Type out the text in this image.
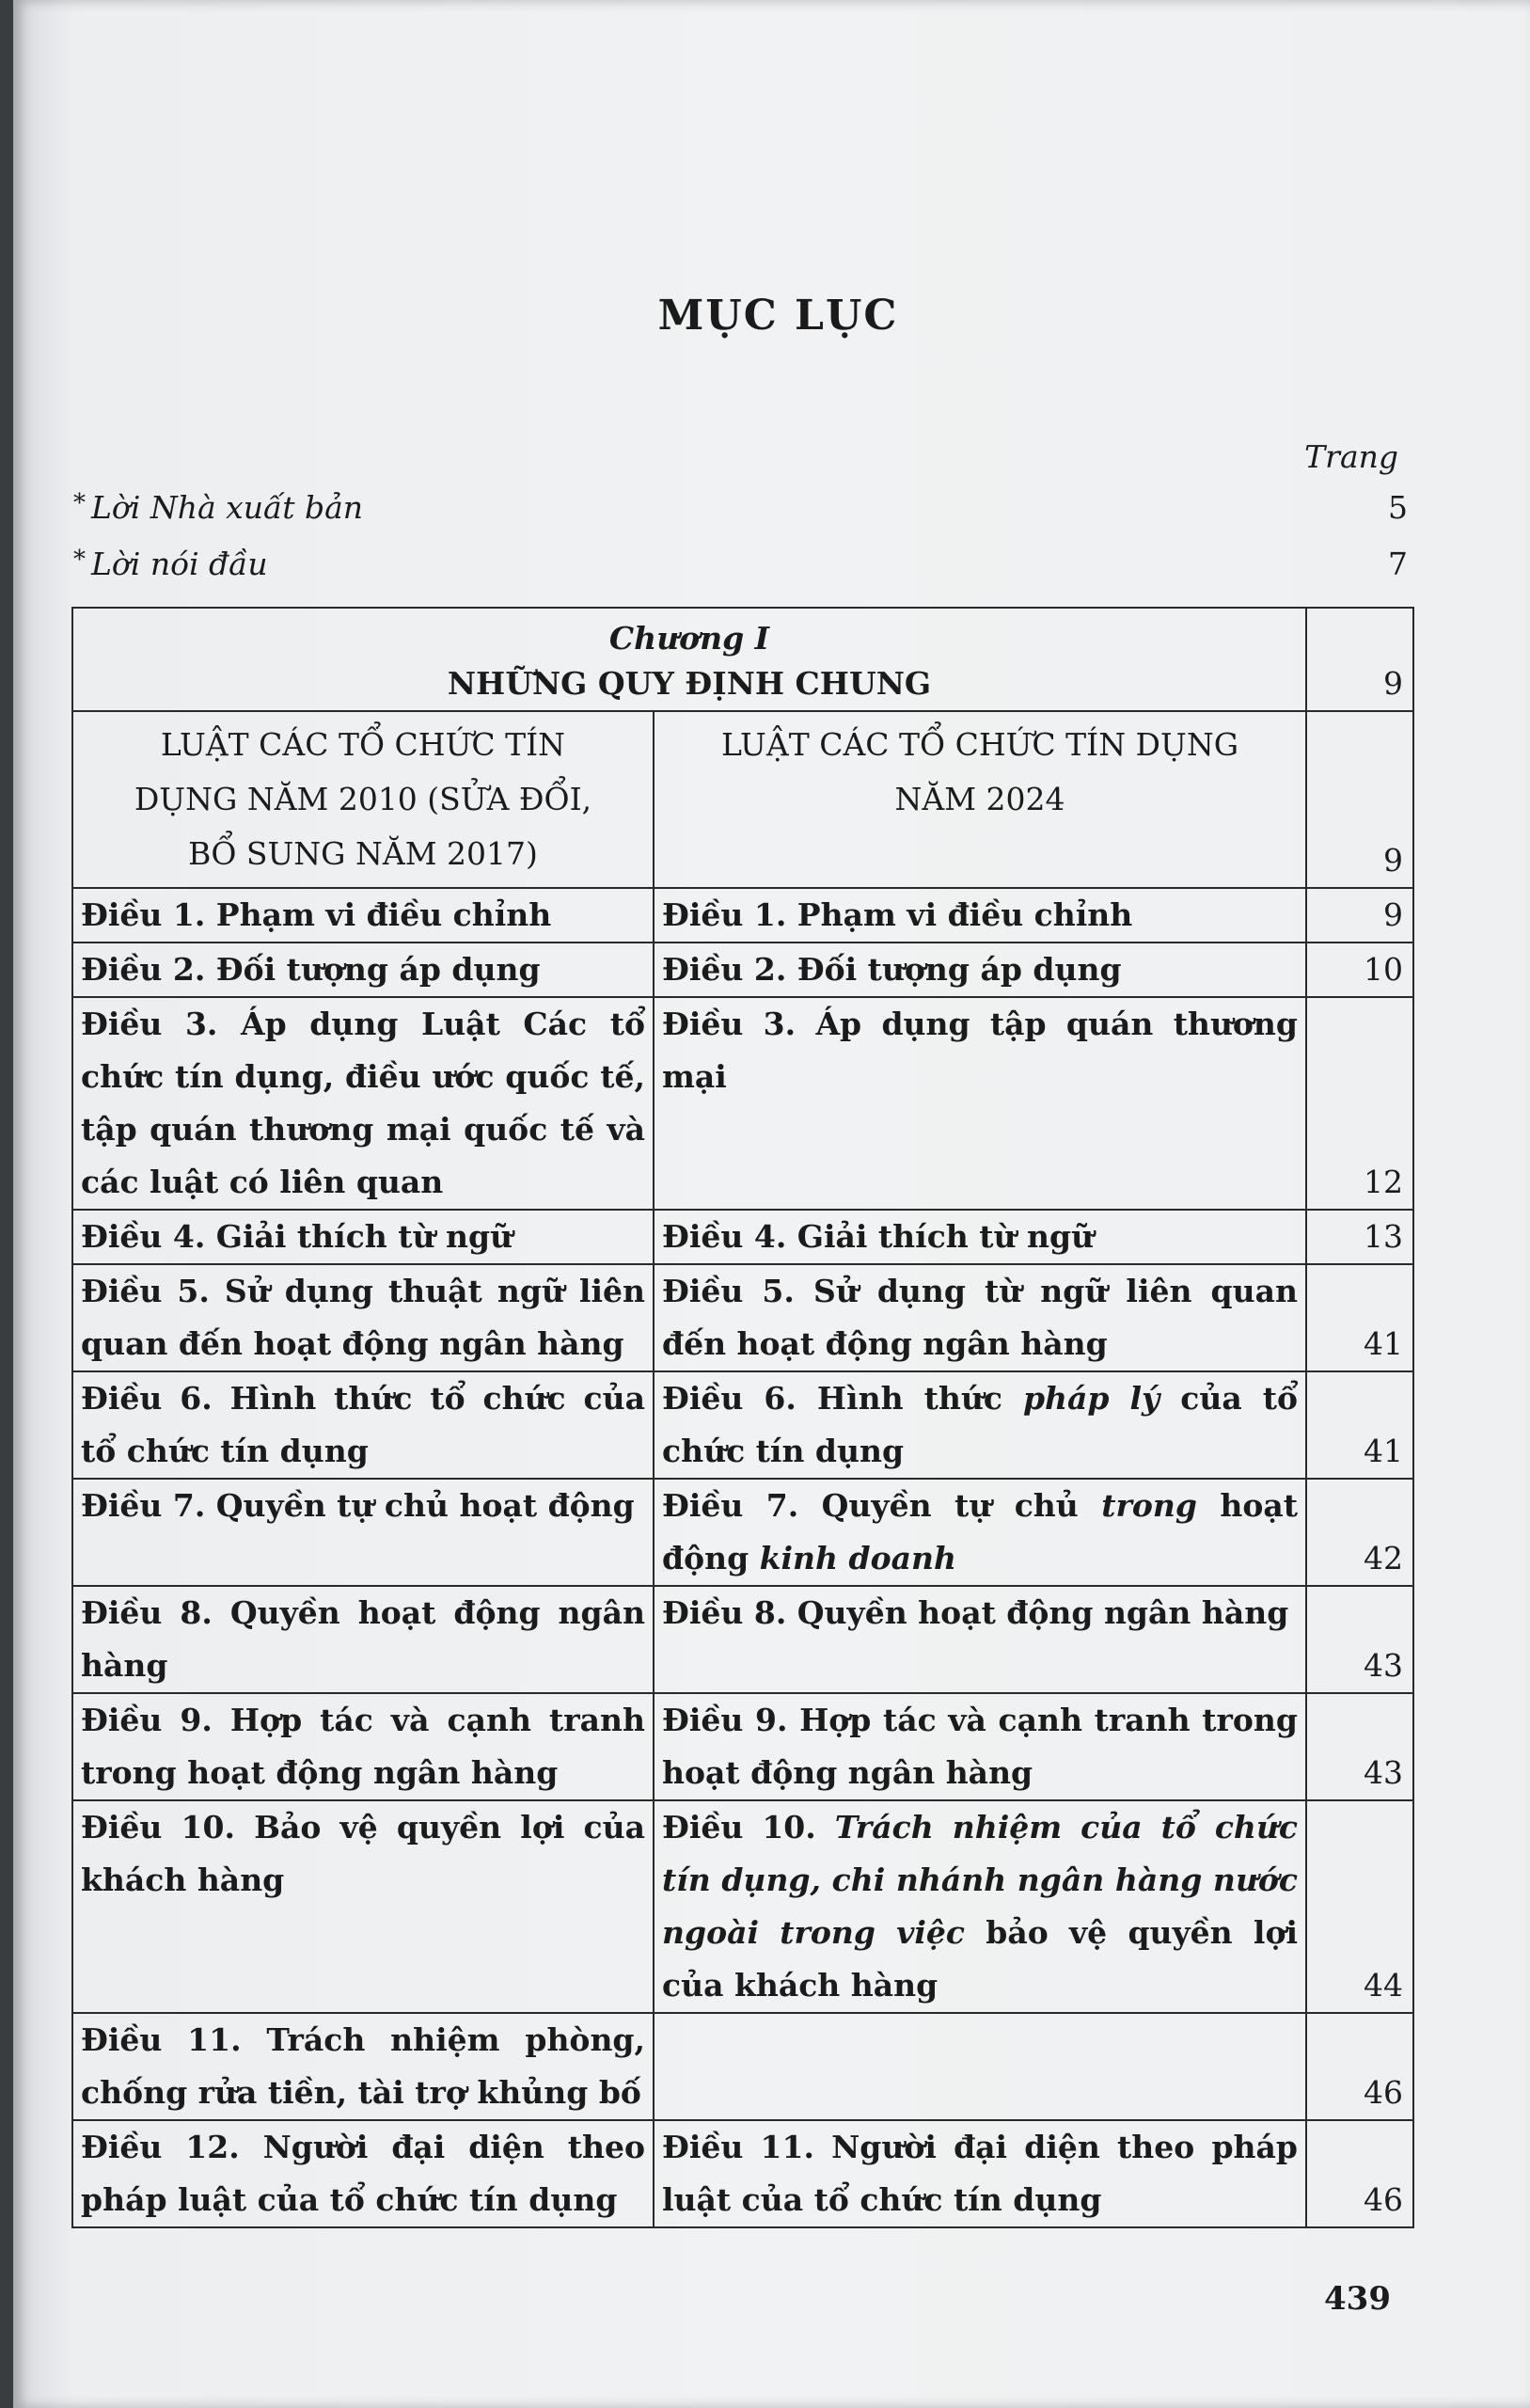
MỤC LỤC
Trang
* Lời Nhà xuất bản	5
* Lời nói đầu	7
Chương I
NHỮNG QUY ĐỊNH CHUNG		9
LUẬT CÁC TỔ CHỨC TÍN DỤNG NĂM 2010 (SỬA ĐỔI, BỔ SUNG NĂM 2017)	LUẬT CÁC TỔ CHỨC TÍN DỤNG NĂM 2024	9
Điều 1. Phạm vi điều chỉnh	Điều 1. Phạm vi điều chỉnh	9
Điều 2. Đối tượng áp dụng	Điều 2. Đối tượng áp dụng	10
Điều 3. Áp dụng Luật Các tổ chức tín dụng, điều ước quốc tế, tập quán thương mại quốc tế và các luật có liên quan	Điều 3. Áp dụng tập quán thương mại	12
Điều 4. Giải thích từ ngữ	Điều 4. Giải thích từ ngữ	13
Điều 5. Sử dụng thuật ngữ liên quan đến hoạt động ngân hàng	Điều 5. Sử dụng từ ngữ liên quan đến hoạt động ngân hàng	41
Điều 6. Hình thức tổ chức của tổ chức tín dụng	Điều 6. Hình thức pháp lý của tổ chức tín dụng	41
Điều 7. Quyền tự chủ hoạt động	Điều 7. Quyền tự chủ trong hoạt động kinh doanh	42
Điều 8. Quyền hoạt động ngân hàng	Điều 8. Quyền hoạt động ngân hàng	43
Điều 9. Hợp tác và cạnh tranh trong hoạt động ngân hàng	Điều 9. Hợp tác và cạnh tranh trong hoạt động ngân hàng	43
Điều 10. Bảo vệ quyền lợi của khách hàng	Điều 10. Trách nhiệm của tổ chức tín dụng, chi nhánh ngân hàng nước ngoài trong việc bảo vệ quyền lợi của khách hàng	44
Điều 11. Trách nhiệm phòng, chống rửa tiền, tài trợ khủng bố		46
Điều 12. Người đại diện theo pháp luật của tổ chức tín dụng	Điều 11. Người đại diện theo pháp luật của tổ chức tín dụng	46
439
